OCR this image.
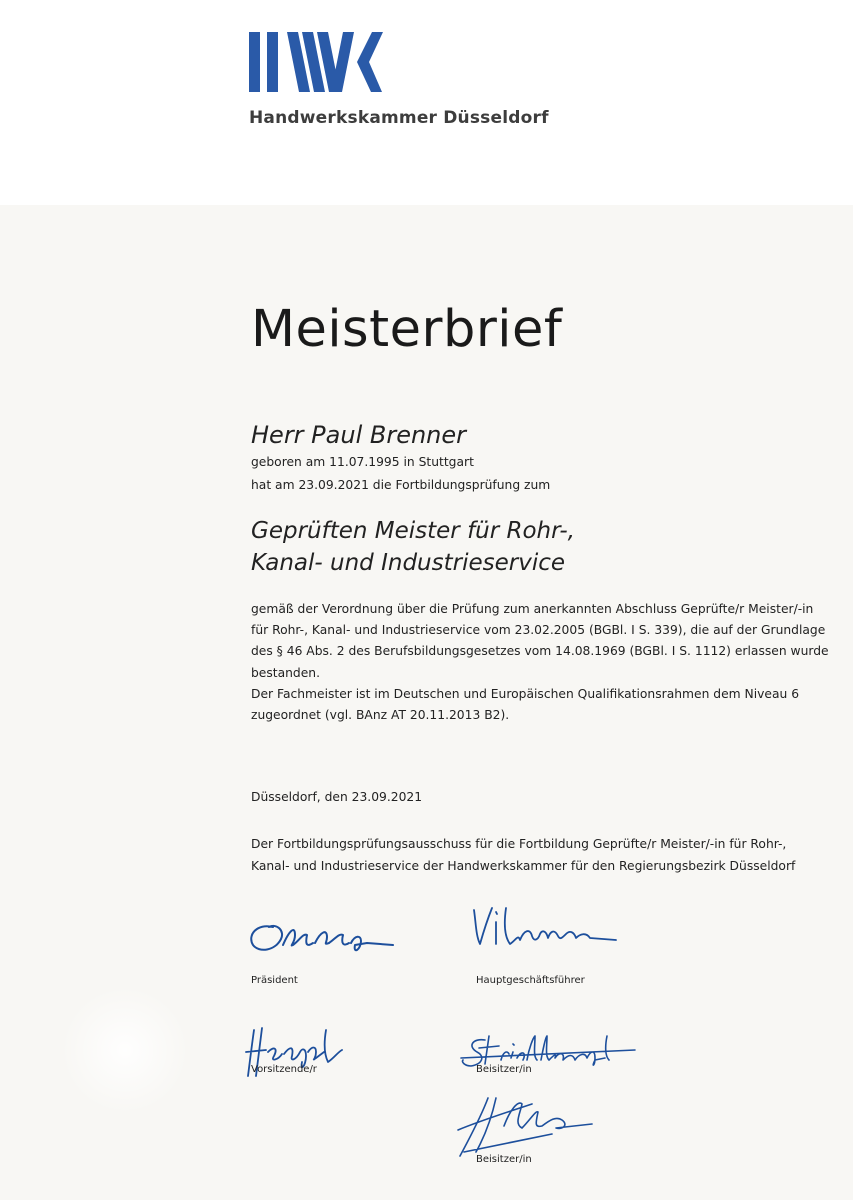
Handwerkskammer Düsseldorf
Meisterbrief
Herr Paul Brenner
geboren am 11.07.1995 in Stuttgart
hat am 23.09.2021 die Fortbildungsprüfung zum
Geprüften Meister für Rohr-,
Kanal- und Industrieservice
gemäß der Verordnung über die Prüfung zum anerkannten Abschluss Geprüfte/r Meister/-in
für Rohr-, Kanal- und Industrieservice vom 23.02.2005 (BGBl. I S. 339), die auf der Grundlage
des § 46 Abs. 2 des Berufsbildungsgesetzes vom 14.08.1969 (BGBl. I S. 1112) erlassen wurde
bestanden.
Der Fachmeister ist im Deutschen und Europäischen Qualifikationsrahmen dem Niveau 6
zugeordnet (vgl. BAnz AT 20.11.2013 B2).
Düsseldorf, den 23.09.2021
Der Fortbildungsprüfungsausschuss für die Fortbildung Geprüfte/r Meister/-in für Rohr-,
Kanal- und Industrieservice der Handwerkskammer für den Regierungsbezirk Düsseldorf
Präsident	Hauptgeschäftsführer
Vorsitzende/r	Beisitzer/in
Beisitzer/in
